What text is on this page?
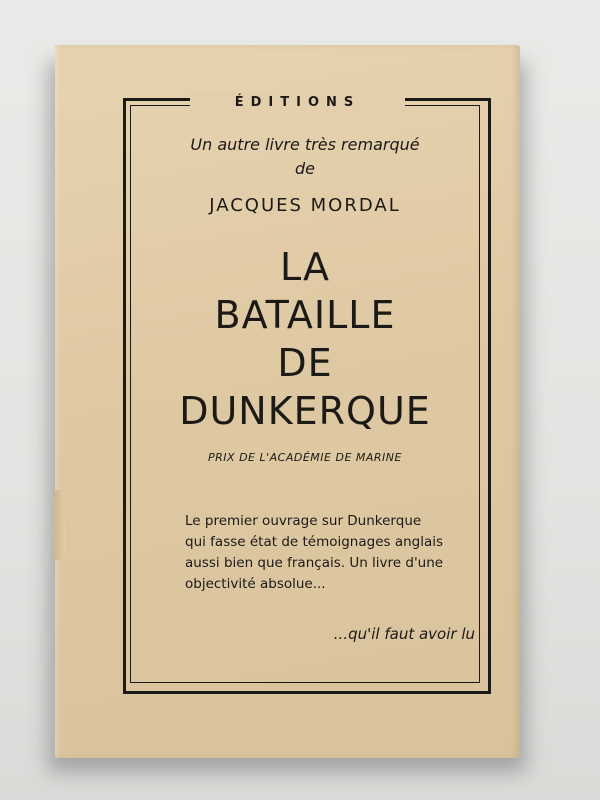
ÉDITIONS
Un autre livre très remarqué
de
JACQUES MORDAL
LA
BATAILLE
DE
DUNKERQUE
PRIX DE L'ACADÉMIE DE MARINE
Le premier ouvrage sur Dunkerque
qui fasse état de témoignages anglais
aussi bien que français. Un livre d'une
objectivité absolue...
...qu'il faut avoir lu
